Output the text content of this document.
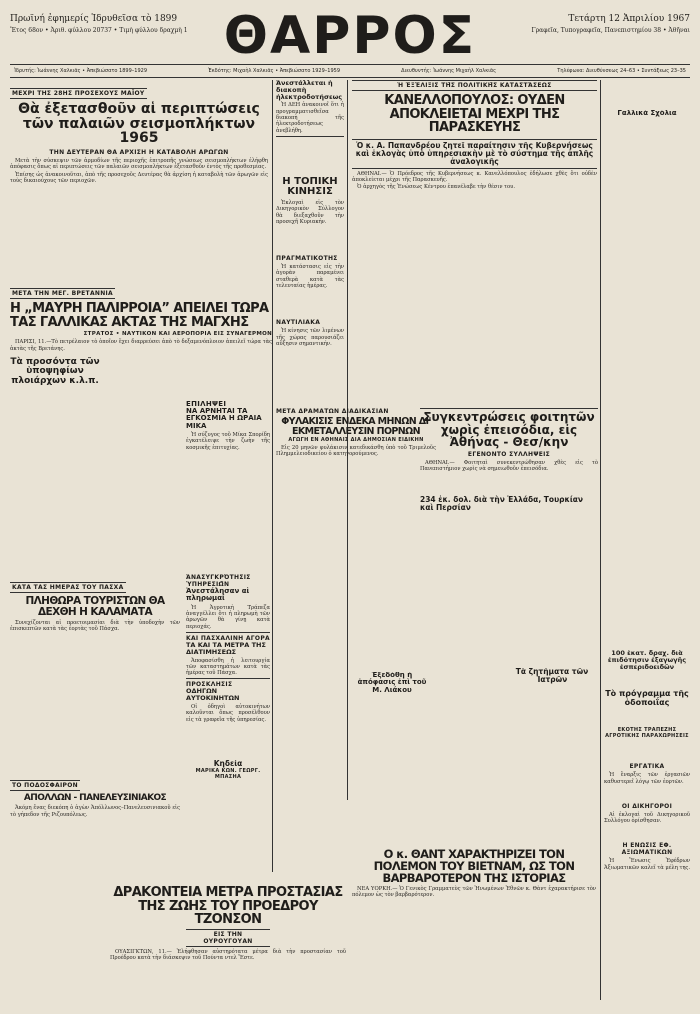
Πρωϊνή ἐφημερίς Ἱδρυθεῖσα τὸ 1899
Ἔτος 68ον • Ἀριθ. φύλλου 20737 • Τιμὴ φύλλου δραχμὴ 1 ΘΑΡΡΟΣ	Τετάρτη 12 Ἀπριλίου 1967
Γραφεῖα, Τυπογραφεῖα, Πανεπιστημίου 38 • Ἀθῆναι
Ἱδρυτής: Ἰωάννης Χαλκιᾶς • Ἀπεβιώσατο 1899–1929	Ἐκδότης: Μιχαὴλ Χαλκιᾶς • Ἀπεβιώσατο 1929–1959	Διευθυντής: Ἰωάννης Μιχαὴλ Χαλκιᾶς	Τηλέφωνα: Διευθύνσεως 24–63 • Συντάξεως 23–35
ΜΕΧΡΙ ΤΗΣ 28ΗΣ ΠΡΟΣΕΧΟΥΣ ΜΑΪΟΥ
Θὰ ἐξετασθοῦν αἱ περιπτώσεις τῶν παλαιῶν σεισμοπλήκτων 1965
ΤΗΝ ΔΕΥΤΕΡΑΝ ΘΑ ΑΡΧΙΣΗ Η ΚΑΤΑΒΟΛΗ ΑΡΩΓΩΝ

Μετὰ τὴν σύσκεψιν τῶν ἁρμοδίων τῆς περιοχῆς ἐπιτροπῆς γνώσεως σεισμοπλήκτων ἐλήφθη ἀπόφασις ὅπως αἱ περιπτώσεις τῶν παλαιῶν σεισμοπλήκτων ἐξετασθοῦν ἐντὸς τῆς προθεσμίας.

Ἐπίσης ὡς ἀνακοινοῦται, ἀπὸ τῆς προσεχοῦς Δευτέρας θὰ ἀρχίση ἡ καταβολὴ τῶν ἀρωγῶν εἰς τοὺς δικαιούχους τῶν περιοχῶν.

ΜΕΤΑ ΤΗΝ ΜΕΓ. ΒΡΕΤΑΝΝΙΑ
Η „ΜΑΥΡΗ ΠΑΛΙΡΡΟΙΑ” ΑΠΕΙΛΕΙ ΤΩΡΑ ΤΑΣ ΓΑΛΛΙΚΑΣ ΑΚΤΑΣ ΤΗΣ ΜΑΓΧΗΣ
ΣΤΡΑΤΟΣ • ΝΑΥΤΙΚΟΝ ΚΑΙ ΑΕΡΟΠΟΡΙΑ ΕΙΣ ΣΥΝΑΓΕΡΜΟΝ

ΠΑΡΙΣΙ, 11.—Τὸ πετρέλαιον τὸ ὁποῖον ἔχει διαρρεύσει ἀπὸ τὸ δεξαμενόπλοιον ἀπειλεῖ τώρα τὰς ἀκτὰς τῆς Βρετάνης.

Τὰ προσόντα τῶν ὑποψηφίων πλοιάρχων κ.λ.π.
ΚΑΤΑ ΤΑΣ ΗΜΕΡΑΣ ΤΟΥ ΠΑΣΧΑ
ΠΛΗΘΩΡΑ ΤΟΥΡΙΣΤΩΝ ΘΑ ΔΕΧΘΗ Η ΚΑΛΑΜΑΤΑ

Συνεχίζονται αἱ προετοιμασίαι διὰ τὴν ὑποδοχὴν τῶν ἐπισκεπτῶν κατὰ τὰς ἑορτὰς τοῦ Πάσχα.

ΤΟ ΠΟΔΟΣΦΑΙΡΟΝ
ΑΠΟΛΛΩΝ - ΠΑΝΕΛΕΥΣΙΝΙΑΚΟΣ

Ἀκόμη ἕνας διεκόπη ὁ ἀγὼν Ἀπόλλωνος–Πανελευσινιακοῦ εἰς τὸ γήπεδον τῆς Ριζουπόλεως.

ἈΝΑΣΥΓΚΡΌΤΗΣΙΣ ὙΠΗΡΕΣΙΩ͂Ν
Ἀνεστάλησαν αἱ πληρωμαί

Ἡ Ἀγροτικὴ Τράπεζα ἀναγγέλλει ὅτι ἡ πληρωμὴ τῶν ἀρωγῶν θὰ γίνῃ κατὰ περιοχάς.

ΚΑΙ ΠΑΣΧΑΛΙΝΗ ΑΓΟΡΑ
ΤΑ ΚΑΙ ΤΑ ΜΕΤΡΑ ΤΗΣ ΔΙΑΤΙΜΗΣΕΩΣ

Ἀποφασίσθη ἡ λειτουργία τῶν καταστημάτων κατὰ τὰς ἡμέρας τοῦ Πάσχα.

ΠΡΟΣΚΛΗΣΙΣ
ΟΔΗΓΩΝ ΑΥΤΟΚΙΝΗΤΩΝ

Οἱ ὁδηγοὶ αὐτοκινήτων καλοῦνται ὅπως προσέλθουν εἰς τὰ γραφεῖα τῆς ὑπηρεσίας.

ΕΠΙΛΗΨΕΙ
ΝΑ ΑΡΝΗΤΑΙ ΤΑ ΕΓΚΟΣΜΙΑ Η ΩΡΑΙΑ ΜΙΚΑ

Ἡ σύζυγος τοῦ Μίκα Σπορίδη ἐγκατέλειψε τὴν ζωὴν τῆς κοσμικῆς ἐπιτυχίας.

Ἀνεστάλλεται ἡ διακοπὴ ἠλεκτροδοτήσεως

Ἡ ΔΕΗ ἀνακοινοῖ ὅτι ἡ προγραμματισθεῖσα διακοπὴ τῆς ἠλεκτροδοτήσεως ἀνεβλήθη.

Η ΤΟΠΙΚΗ ΚΙΝΗΣΙΣ

Ἐκλογαὶ εἰς τὸν Δικηγορικὸν Σύλλογον θὰ διεξαχθοῦν τὴν προσεχῆ Κυριακήν.

ΠΡΑΓΜΑΤΙΚΟΤΗΣ

Ἡ κατάστασις εἰς τὴν ἀγορὰν παραμένει σταθερὰ κατὰ τὰς τελευταίας ἡμέρας.

ΝΑΥΤΙΛΙΑΚΑ

Ἡ κίνησις τῶν λιμένων τῆς χώρας παρουσιάζει αὔξησιν σημαντικήν.

Ἡ ἘΞΈΛΙΞΙΣ ΤΗ͂Σ ΠΟΛΙΤΙΚΗ͂Σ ΚΑΤΑΣΤΆΣΕΩΣ
ΚΑΝΕΛΛΟΠΟΥΛΟΣ: ΟΥΔΕΝ ΑΠΟΚΛΕΙΕΤΑΙ ΜΕΧΡΙ ΤΗΣ ΠΑΡΑΣΚΕΥΗΣ
Ὁ κ. Α. Παπανδρέου ζητεῖ παραίτησιν τῆς Κυβερνήσεως καὶ ἐκλογὰς ὑπὸ ὑπηρεσιακὴν μὲ τὸ σύστημα τῆς ἁπλῆς ἀναλογικῆς

ΑΘΗΝΑΙ.— Ὁ Πρόεδρος τῆς Κυβερνήσεως κ. Κανελλόπουλος ἐδήλωσε χθὲς ὅτι οὐδὲν ἀποκλείεται μέχρι τῆς Παρασκευῆς.

Ὁ ἀρχηγὸς τῆς Ἑνώσεως Κέντρου ἐπανέλαβε τὴν θέσιν του.

Γαλλικὰ Σχόλια
ΜΕΤΑ ΔΡΑΜΑΤΩΝ ΔΙΑΔΙΚΑΣΙΑΝ
ΦΥΛΑΚΙΣΙΣ ΕΝΔΕΚΑ ΜΗΝΩΝ ΔΙ' ΕΚΜΕΤΑΛΛΕΥΣΙΝ ΠΟΡΝΩΝ
ΑΓΩΓΗ ΕΝ ΑΘΗΝΑΙΣ ΔΙΑ ΔΗΜΟΣΙΑΝ ΕΙΔΙΚΗΝ

Εἰς 20 μηνῶν φυλάκισιν κατεδικάσθη ὑπὸ τοῦ Τριμελοῦς Πλημμελειοδικείου ὁ κατηγορούμενος.

Ἐξεδόθη ἡ ἀπόφασις ἐπὶ τοῦ Μ. Λιάκου
Συγκεντρώσεις φοιτητῶν χωρὶς ἐπεισόδια, εἰς Ἀθήνας - Θεσ/κην
ΕΓΕΝΟΝΤΟ ΣΥΛΛΗΨΕΙΣ

ΑΘΗΝΑΙ.— Φοιτηταὶ συνεκεντρώθησαν χθὲς εἰς τὸ Πανεπιστήμιον χωρὶς νὰ σημειωθοῦν ἐπεισόδια.

234 ἐκ. δολ. διὰ τὴν Ἑλλάδα, Τουρκίαν καὶ Περσίαν
Τὰ ζητήματα τῶν Ἰατρῶν
Ο κ. ΘΑΝΤ ΧΑΡΑΚΤΗΡΙΖΕΙ ΤΟΝ ΠΟΛΕΜΟΝ ΤΟΥ ΒΙΕΤΝΑΜ, ΩΣ ΤΟΝ ΒΑΡΒΑΡΟΤΕΡΟΝ ΤΗΣ ΙΣΤΟΡΙΑΣ

ΝΕΑ ΥΟΡΚΗ.— Ὁ Γενικὸς Γραμματεὺς τῶν Ἡνωμένων Ἐθνῶν κ. Θὰντ ἐχαρακτήρισε τὸν πόλεμον ὡς τὸν βαρβαρότερον.

100 ἑκατ. δραχ. διὰ ἐπιδότησιν ἐξαγωγῆς ἐσπεριδοειδῶν
Τὸ πρόγραμμα τῆς ὁδοποιΐας
ΕΚΟΤΗΣ ΤΡΑΠΕΖΗΣ ΑΓΡΟΤΙΚΗΣ ΠΑΡΑΧΩΡΗΣΕΙΣ
ΕΡΓΑΤΙΚΑ

Ἡ ἔναρξις τῶν ἐργασιῶν καθυστερεῖ λόγῳ τῶν ἑορτῶν.

ΟΙ ΔΙΚΗΓΟΡΟΙ

Αἱ ἐκλογαὶ τοῦ Δικηγορικοῦ Συλλόγου ὁρίσθησαν.

Η ΕΝΩΣΙΣ ΕΦ. ΑΞΙΩΜΑΤΙΚΩΝ

Ἡ Ἕνωσις Ἐφέδρων Ἀξιωματικῶν καλεῖ τὰ μέλη της.

Κηδεία
ΜΑΡΙΚΑ ΚΩΝ. ΓΕΩΡΓ. ΜΠΑΣΗΑ
ΔΡΑΚΟΝΤΕΙΑ ΜΕΤΡΑ ΠΡΟΣΤΑΣΙΑΣ ΤΗΣ ΖΩΗΣ ΤΟΥ ΠΡΟΕΔΡΟΥ ΤΖΟΝΣΟΝ
ΕΙΣ ΤΗΝ ΟΥΡΟΥΓΟΥΑΝ

ΟΥΑΣΙΓΚΤΩΝ, 11.— Ἐλήφθησαν αὐστηρότατα μέτρα διὰ τὴν προστασίαν τοῦ Προέδρου κατὰ τὴν διάσκεψιν τοῦ Πούντα ντελ Ἔστε.
